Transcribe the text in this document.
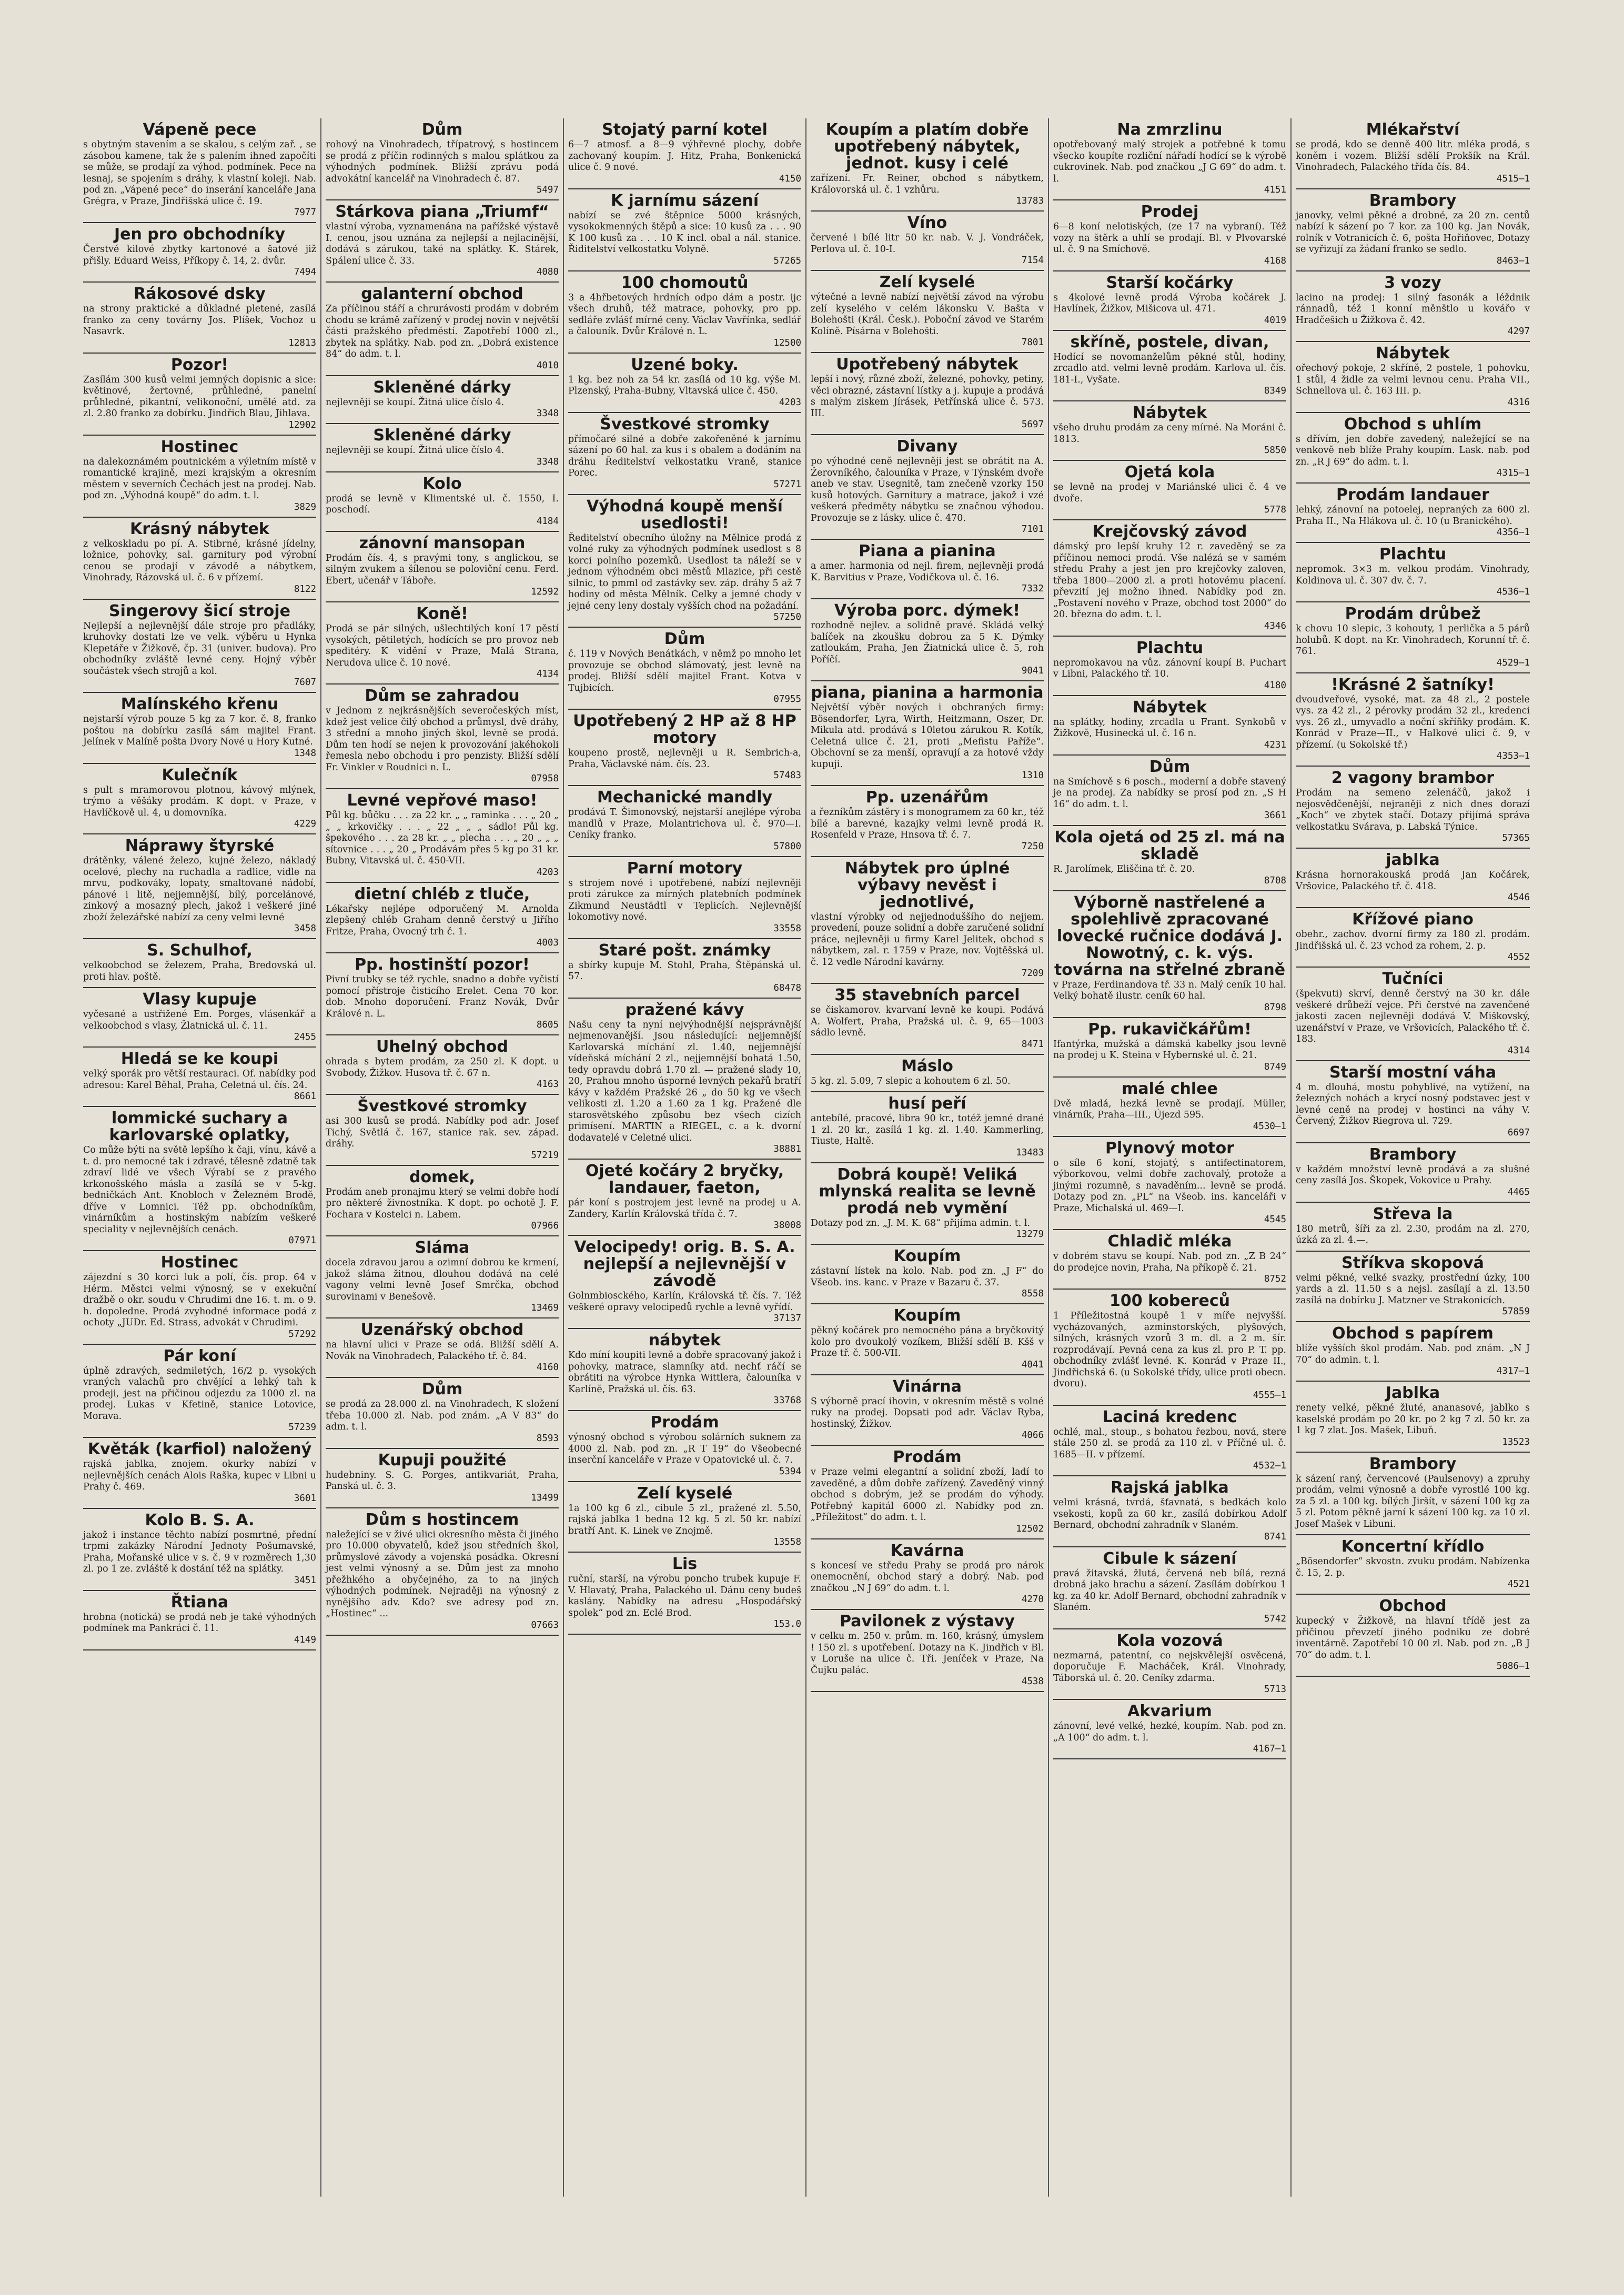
Vápeně pece

s obytným stavením a se skalou, s celým zař. , se zásobou kamene, tak že s palením ihned započíti se může, se prodají za výhod. podmínek. Pece na lesnaj, se spojením s dráhy, k vlastní koleji. Nab. pod zn. „Vápené pece“ do inserání kanceláře Jana Grégra, v Praze, Jindřišská ulice č. 19.

7977
Jen pro obchodníky

Čerstvé kilové zbytky kartonové a šatové již přišly. Eduard Weiss, Příkopy č. 14, 2. dvůr.

7494
Rákosové dsky

na strony praktické a důkladné pletené, zasílá franko za ceny továrny Jos. Plíšek, Vochoz u Nasavrk.

12813
Pozor!

Zasílám 300 kusů velmi jemných dopisnic a sice: květinové, žertovné, průhledné, panelní průhledné, pikantní, velikonoční, umělé atd. za zl. 2.80 franko za dobírku. Jindřich Blau, Jihlava.

12902
Hostinec

na dalekoznámém poutnickém a výletním místě v romantické krajině, mezi krajským a okresním městem v severních Čechách jest na prodej. Nab. pod zn. „Výhodná koupě“ do adm. t. l.

3829
Krásný nábytek

z velkoskladu po pí. A. Stibrné, krásné jídelny, ložnice, pohovky, sal. garnitury pod výrobní cenou se prodají v závodě a nábytkem, Vinohrady, Rázovská ul. č. 6 v přízemí.

8122
Singerovy šicí stroje

Nejlepší a nejlevnější dále stroje pro přadláky, kruhovky dostati lze ve velk. výběru u Hynka Klepetáře v Žižkově, čp. 31 (univer. budova). Pro obchodníky zvláště levné ceny. Hojný výběr součástek všech strojů a kol.

7607
Malínského křenu

nejstarší výrob pouze 5 kg za 7 kor. č. 8, franko poštou na dobírku zasílá sám majitel Frant. Jelínek v Malíně pošta Dvory Nové u Hory Kutné.

1348
Kulečník

s pult s mramorovou plotnou, kávový mlýnek, trýmo a věšáky prodám. K dopt. v Praze, v Havlíčkově ul. 4, u domovníka.

4229
Náprawy štyrské

drátěnky, válené železo, kujné železo, nákladý ocelové, plechy na ruchadla a radlice, vidle na mrvu, podkováky, lopaty, smaltované nádobí, pánové i litě, nejjemnější, bílý, porcelánové, zinkový a mosazný plech, jakož i veškeré jiné zboží železářské nabízí za ceny velmi levné

3458
S. Schulhof,

velkoobchod se železem, Praha, Bredovská ul. proti hlav. poště.

Vlasy kupuje

vyčesané a ustřižené Em. Porges, vlásenkář a velkoobchod s vlasy, Žlatnická ul. č. 11.

2455
Hledá se ke koupi

velký sporák pro větší restauraci. Of. nabídky pod adresou: Karel Běhal, Praha, Celetná ul. čís. 24.

8661
lommické suchary a karlovarské oplatky,

Co může býti na světě lepšího k čaji, vínu, kávě a t. d. pro nemocné tak i zdravé, tělesně zdatně tak zdraví lidé ve všech Výrabí se z pravého krkonošského másla a zasílá se v 5-kg. bedničkách Ant. Knobloch v Železném Brodě, dříve v Lomnici. Též pp. obchodníkům, vinárníkům a hostinským nabízím veškeré speciality v nejlevnějších cenách.

07971
Hostinec

zájezdní s 30 korci luk a polí, čís. prop. 64 v Hérm. Městci velmi výnosný, se v exekuční dražbě o okr. soudu v Chrudimi dne 16. t. m. o 9. h. dopoledne. Prodá zvyhodné informace podá z ochoty „JUDr. Ed. Strass, advokát v Chrudimi.

57292
Pár koní

úplně zdravých, sedmiletých, 16/2 p. vysokých vraných valachů pro chvějící a lehký tah k prodeji, jest na přičinou odjezdu za 1000 zl. na prodej. Lukas v Kfetině, stanice Lotovice, Morava.

57239
Květák (karfiol) naložený

rajská jablka, znojem. okurky nabízí v nejlevnějších cenách Alois Raška, kupec v Libni u Prahy č. 469.

3601
Kolo B. S. A.

jakož i instance těchto nabízí posmrtné, přední trpmi zakázky Národní Jednoty Pošumavské, Praha, Mořanské ulice v s. č. 9 v rozměrech 1,30 zl. po 1 ze. zvláště k dostání též na splátky.

3451
Řtiana

hrobna (notická) se prodá neb je také výhodných podmínek ma Pankráci č. 11.

4149
Dům

rohový na Vinohradech, třípatrový, s hostincem se prodá z příčin rodinných s malou splátkou za výhodných podmínek. Bližší zprávu podá advokátní kancelář na Vinohradech č. 87.

5497
Stárkova piana „Triumf“

vlastní výroba, vyznamenána na pařížské výstavě I. cenou, jsou uznána za nejlepší a nejlacinější, dodává s zárukou, také na splátky. K. Stárek, Spálení ulice č. 33.

4080
galanterní obchod

Za příčinou stáří a chrurávosti prodám v dobrém chodu se krámě zařízený v prodej novin v největší části pražského předměstí. Zapotřebí 1000 zl., zbytek na splátky. Nab. pod zn. „Dobrá existence 84“ do adm. t. l.

4010
Skleněné dárky

nejlevněji se koupí. Žitná ulice číslo 4.

3348
Skleněné dárky

nejlevněji se koupí. Žitná ulice číslo 4.

3348
Kolo

prodá se levně v Klimentské ul. č. 1550, I. poschodí.

4184
zánovní mansopan

Prodám čís. 4, s pravými tony, s anglickou, se silným zvukem a šílenou se poloviční cenu. Ferd. Ebert, učenář v Táboře.

12592
Koně!

Prodá se pár silných, ušlechtilých koní 17 pěstí vysokých, pětiletých, hodících se pro provoz neb speditéry. K vidění v Praze, Malá Strana, Nerudova ulice č. 10 nové.

4134
Dům se zahradou

v Jednom z nejkrásnějších severočeských míst, kdež jest velice čilý obchod a průmysl, dvě dráhy, 3 střední a mnoho jiných škol, levně se prodá. Dům ten hodí se nejen k provozování jakéhokoli řemesla nebo obchodu i pro penzisty. Bližší sdělí Fr. Vinkler v Roudnici n. L.

07958
Levné vepřové maso!

Půl kg. bůčku . . . za 22 kr. „ „ raminka . . . „ 20 „ „ „ krkovičky . . . „ 22 „ „ „ sádlo! Půl kg. špekového . . . za 28 kr. „ „ plecha . . . „ 20 „ „ „ sítovnice . . . „ 20 „ Prodávám přes 5 kg po 31 kr. Bubny, Vitavská ul. č. 450-VII.

4203
dietní chléb z tluče,

Lékařsky nejlépe odporučený M. Arnolda zlepšený chléb Graham denně čerstvý u Jiřího Fritze, Praha, Ovocný trh č. 1.

4003
Pp. hostinští pozor!

Pivní trubky se též rychle, snadno a dobře vyčistí pomocí přístroje čisticího Erelet. Cena 70 kor. dob. Mnoho doporučení. Franz Novák, Dvůr Králové n. L.

8605
Uhelný obchod

ohrada s bytem prodám, za 250 zl. K dopt. u Svobody, Žižkov. Husova tř. č. 67 n.

4163
Švestkové stromky

asi 300 kusů se prodá. Nabídky pod adr. Josef Tichý, Světlá č. 167, stanice rak. sev. západ. dráhy.

57219
domek,

Prodám aneb pronajmu který se velmi dobře hodí pro některé živnostníka. K dopt. po ochotě J. F. Fochara v Kostelci n. Labem.

07966
Sláma

docela zdravou jarou a ozimní dobrou ke krmení, jakož sláma žitnou, dlouhou dodává na celé vagony velmi levně Josef Smrčka, obchod surovinami v Benešově.

13469
Uzenářský obchod

na hlavní ulici v Praze se odá. Bližší sdělí A. Novák na Vinohradech, Palackého tř. č. 84.

4160
Dům

se prodá za 28.000 zl. na Vinohradech, K složení třeba 10.000 zl. Nab. pod znám. „A V 83“ do adm. t. l.

8593
Kupuji použité

hudebniny. S. G. Porges, antikvariát, Praha, Panská ul. č. 3.

13499
Dům s hostincem

naležející se v živé ulici okresního města či jiného pro 10.000 obyvatelů, kdež jsou středních škol, průmyslové závody a vojenská posádka. Okresní jest velmi výnosný a se. Dům jest za mnoho přežhkého a obyčejného, za to na jiných výhodných podmínek. Nejraději na výnosný z nynějšího adv. Kdo? sve adresy pod zn. „Hostinec“ ...

07663
Stojatý parní kotel

6—7 atmosf. a 8—9 výhřevné plochy, dobře zachovaný koupím. J. Hitz, Praha, Bonkenická ulice č. 9 nové.

4150
K jarnímu sázení

nabízí se zvé štěpnice 5000 krásných, vysokokmenných štěpů a sice: 10 kusů za . . . 90 K 100 kusů za . . . 10 K incl. obal a nál. stanice. Řiditelství velkostatku Volyně.

57265
100 chomoutů

3 a 4hřbetových hrdních odpo dám a postr. ijc všech druhů, též matrace, pohovky, pro pp. sedláře zvlášť mírné ceny. Václav Vavřínka, sedlář a čalouník. Dvůr Králové n. L.

12500
Uzené boky.

1 kg. bez noh za 54 kr. zasílá od 10 kg. výše M. Plzenský, Praha-Bubny, Vltavská ulice č. 450.

4203
Švestkové stromky

přímočaré silné a dobře zakořeněné k jarnímu sázení po 60 hal. za kus i s obalem a dodáním na dráhu Ředitelství velkostatku Vraně, stanice Porec.

57271
Výhodná koupě menší usedlosti!

Ředitelství obecního úložny na Mělnice prodá z volné ruky za výhodných podmínek usedlost s 8 korci polního pozemků. Usedlost ta náleží se v jednom výhodném obci městů Mlazice, při cestě silnic, to pmml od zastávky sev. záp. dráhy 5 až 7 hodiny od města Mělník. Celky a jemné chody v jejné ceny leny dostaly vyšších chod na požadání.

57250
Dům

č. 119 v Nových Benátkách, v němž po mnoho let provozuje se obchod slámovatý, jest levně na prodej. Bližší sdělí majitel Frant. Kotva v Tujbicích.

07955
Upotřebený 2 HP až 8 HP motory

koupeno prostě, nejlevněji u R. Sembrich-a, Praha, Václavské nám. čís. 23.

57483
Mechanické mandly

prodává T. Šimonovský, nejstarší anejlépe výroba mandlů v Praze, Molantrichova ul. č. 970—I. Ceníky franko.

57800
Parní motory

s strojem nové i upotřebené, nabízí nejlevněji proti zárukce za mírných platebních podmínek Zikmund Neustädtl v Teplicích. Nejlevnější lokomotivy nové.

33558
Staré pošt. známky

a sbírky kupuje M. Stohl, Praha, Štěpánská ul. 57.

68478
pražené kávy

Našu ceny ta nyní nejvýhodnější nejsprávnější nejmenovanější. Jsou následující: nejjemnější Karlovarská míchání zl. 1.40, nejjemnější vídeňská míchání 2 zl., nejjemnější bohatá 1.50, tedy opravdu dobrá 1.70 zl. — pražené slady 10, 20, Prahou mnoho úsporné levných pekařů bratří kávy v každém Pražské 26 „ do 50 kg ve všech velikosti zl. 1.20 a 1.60 za 1 kg. Pražené dle starosvětského způsobu bez všech cizích primísení. MARTIN a RIEGEL, c. a k. dvorní dodavatelé v Celetné ulici.

38881
Ojeté kočáry 2 bryčky, landauer, faeton,

pár koní s postrojem jest levně na prodej u A. Zandery, Karlín Královská třída č. 7.

38008
Velocipedy! orig. B. S. A. nejlepší a nejlevnější v závodě

Golnmbiosckého, Karlín, Královská tř. čís. 7. Též veškeré opravy velocipedů rychle a levně vyřídí.

37137
nábytek

Kdo míní koupiti levně a dobře spracovaný jakož i pohovky, matrace, slamníky atd. nechť ráčí se obrátiti na výrobce Hynka Wittlera, čalouníka v Karlíně, Pražská ul. čís. 63.

33768
Prodám

výnosný obchod s výrobou solárních suknem za 4000 zl. Nab. pod zn. „R T 19“ do Všeobecné inserční kanceláře v Praze v Opatovické ul. č. 7.

5394
Zelí kyselé

1a 100 kg 6 zl., cibule 5 zl., pražené zl. 5.50, rajská jablka 1 bedna 12 kg. 5 zl. 50 kr. nabízí bratří Ant. K. Linek ve Znojmě.

13558
Lis

ruční, starší, na výrobu poncho trubek kupuje F. V. Hlavatý, Praha, Palackého ul. Dánu ceny budeš kaslány. Nabídky na adresu „Hospodářský spolek“ pod zn. Eclé Brod.

153.0
Koupím a platím dobře upotřebený nábytek, jednot. kusy i celé

zařízení. Fr. Reiner, obchod s nábytkem, Královorská ul. č. 1 vzhůru.

13783
Víno

červené i bílé litr 50 kr. nab. V. J. Vondráček, Perlova ul. č. 10-I.

7154
Zelí kyselé

výtečné a levně nabízí největší závod na výrobu zelí kyselého v celém lákonsku V. Bašta v Bolehošti (Král. Česk.). Poboční závod ve Starém Kolíně. Písárna v Bolehošti.

7801
Upotřebený nábytek

lepší i nový, různé zboží, železné, pohovky, petiny, věci obrazné, zástavní lístky a j. kupuje a prodává s malým ziskem Jírásek, Petřínská ulice č. 573. III.

5697
Divany

po výhodné ceně nejlevněji jest se obrátit na A. Žerovníkého, čalouníka v Praze, v Týnském dvoře aneb ve stav. Úsegnitě, tam znečeně vzorky 150 kusů hotových. Garnitury a matrace, jakož i vzé veškerá předměty nábytku se značnou výhodou. Provozuje se z lásky. ulice č. 470.

7101
Piana a pianina

a amer. harmonia od nejl. firem, nejlevněji prodá K. Barvitius v Praze, Vodičkova ul. č. 16.

7332
Výroba porc. dýmek!

rozhodně nejlev. a solidně pravé. Skládá velký balíček na zkoušku dobrou za 5 K. Dýmky zatloukám, Praha, Jen Žiatnická ulice č. 5, roh Poříčí.

9041
piana, pianina a harmonia

Největší výběr nových i obchraných firmy: Bösendorfer, Lyra, Wirth, Heitzmann, Oszer, Dr. Mikula atd. prodává s 10letou zárukou R. Kotík, Celetná ulice č. 21, proti „Mefistu Paříže“. Obchovní se za menší, opravují a za hotové vždy kupuji.

1310
Pp. uzenářům

a řezníkům zástěry i s monogramem za 60 kr., též bílé a barevné, kazajky velmi levně prodá R. Rosenfeld v Praze, Hnsova tř. č. 7.

7250
Nábytek pro úplné výbavy nevěst i jednotlivé,

vlastní výrobky od nejjednoduššího do nejjem. provedení, pouze solidní a dobře zaručené solidní práce, nejlevněji u firmy Karel Jelitek, obchod s nábytkem, zal. r. 1759 v Praze, nov. Vojtěšská ul. č. 12 vedle Národní kavárny.

7209
35 stavebních parcel

se čiskamorov. kvarvaní levně ke koupi. Podává A. Wolfert, Praha, Pražská ul. č. 9, 65—1003 sádlo levně.

8471
Máslo

5 kg. zl. 5.09, 7 slepic a kohoutem 6 zl. 50.

husí peří

antebílé, pracové, libra 90 kr., totéž jemné drané 1 zl. 20 kr., zasílá 1 kg. zl. 1.40. Kammerling, Tiuste, Haltě.

13483
Dobrá koupě! Veliká mlynská realita se levně prodá neb vymění

Dotazy pod zn. „J. M. K. 68“ přijíma admin. t. l.

13279
Koupím

zástavní lístek na kolo. Nab. pod zn. „J F“ do Všeob. ins. kanc. v Praze v Bazaru č. 37.

8558
Koupím

pěkný kočárek pro nemocného pána a bryčkovitý kolo pro dvoukolý vozíkem, Bližší sdělí B. Kšš v Praze tř. č. 500-VII.

4041
Vinárna

S výborně prací ihovin, v okresním městě s volné ruky na prodej. Dopsati pod adr. Václav Ryba, hostinský, Žižkov.

4066
Prodám

v Praze velmi elegantní a solidní zboží, ladí to zaveděné, a dům dobře zařízený. Zaveděný vinný obchod s dobrým, jež se prodám do výhody. Potřebný kapitál 6000 zl. Nabídky pod zn. „Příležitost“ do adm. t. l.

12502
Kavárna

s koncesí ve středu Prahy se prodá pro nárok onemocnění, obchod starý a dobrý. Nab. pod značkou „N J 69“ do adm. t. l.

4270
Pavilonek z výstavy

v celku m. 250 v. prům. m. 160, krásný, úmyslem ! 150 zl. s upotřebení. Dotazy na K. Jindřich v Bl. v Loruše na ulice č. Tři. Jeníček v Praze, Na Čujku palác.

4538
Na zmrzlinu

opotřebovaný malý strojek a potřebné k tomu všecko koupíte rozliční nářadí hodící se k výrobě cukrovinek. Nab. pod značkou „J G 69“ do adm. t. l.

4151
Prodej

6—8 koní nelotiských, (ze 17 na vybraní). Též vozy na štěrk a uhlí se prodají. Bl. v Plvovarské ul. č. 9 na Smíchově.

4168
Starší kočárky

s 4kolové levně prodá Výroba kočárek J. Havlínek, Žižkov, Mišicova ul. 471.

4019
skříně, postele, divan,

Hodící se novomanželům pěkné stůl, hodiny, zrcadlo atd. velmi levně prodám. Karlova ul. čís. 181-I., Vyšate.

8349
Nábytek

všeho druhu prodám za ceny mírné. Na Moráni č. 1813.

5850
Ojetá kola

se levně na prodej v Mariánské ulici č. 4 ve dvoře.

5778
Krejčovský závod

dámský pro lepší kruhy 12 r. zaveděný se za příčinou nemoci prodá. Vše nalézá se v samém středu Prahy a jest jen pro krejčovky zaloven, třeba 1800—2000 zl. a proti hotovému placení. převzití jej možno ihned. Nabídky pod zn. „Postavení nového v Praze, obchod tost 2000“ do 20. března do adm. t. l.

4346
Plachtu

nepromokavou na vůz. zánovní koupí B. Puchart v Libni, Palackého tř. 10.

4180
Nábytek

na splátky, hodiny, zrcadla u Frant. Synkobů v Žižkově, Husinecká ul. č. 16 n.

4231
Dům

na Smíchově s 6 posch., moderní a dobře stavený je na prodej. Za nabídky se prosí pod zn. „S H 16“ do adm. t. l.

3661
Kola ojetá od 25 zl. má na skladě

R. Jarolímek, Eliščina tř. č. 20.

8708
Výborně nastřelené a spolehlivě zpracované lovecké ručnice dodává J. Nowotný, c. k. výs. továrna na střelné zbraně

v Praze, Ferdinandova tř. 33 n. Malý ceník 10 hal. Velký bohatě ilustr. ceník 60 hal.

8798
Pp. rukavičkářům!

Ifantýrka, mužská a dámská kabelky jsou levně na prodej u K. Steina v Hybernské ul. č. 21.

8749
malé chlee

Dvě mladá, hezká levně se prodají. Müller, vinárník, Praha—III., Újezd 595.

4530—1
Plynový motor

o síle 6 koní, stojatý, s antifectinatorem, výborkovou, velmi dobře zachovalý, protože a jinými rozumně, s navaděním... levně se prodá. Dotazy pod zn. „PL“ na Všeob. ins. kanceláři v Praze, Michalská ul. 469—I.

4545
Chladič mléka

v dobrém stavu se koupí. Nab. pod zn. „Z B 24“ do prodejce novin, Praha, Na příkopě č. 21.

8752
100 kobereců

1 Příležitostná koupě 1 v míře nejvyšší. vycházovaných, azminstorských, plyšových, silných, krásných vzorů 3 m. dl. a 2 m. šír. rozprodávají. Pevná cena za kus zl. pro P. T. pp. obchodníky zvlášť levné. K. Konrád v Praze II., Jindřichská 6. (u Sokolské třídy, ulice proti obecn. dvoru).

4555—1
Laciná kredenc

ochlé, mal., stoup., s bohatou řezbou, nová, stere stále 250 zl. se prodá za 110 zl. v Příčné ul. č. 1685—II. v přízemí.

4532—1
Rajská jablka

velmi krásná, tvrdá, šťavnatá, s bedkách kolo vsekosti, kopů za 60 kr., zasílá dobírkou Adolf Bernard, obchodní zahradník v Slaném.

8741
Cibule k sázení

pravá žitavská, žlutá, červená neb bílá, rezná drobná jako hrachu a sázení. Zasílám dobírkou 1 kg. za 40 kr. Adolf Bernard, obchodní zahradník v Slaném.

5742
Kola vozová

nezmarná, patentní, co nejskvělejší osvěcená, doporučuje F. Macháček, Král. Vinohrady, Táborská ul. č. 20. Ceníky zdarma.

5713
Akvarium

zánovní, levé velké, hezké, koupím. Nab. pod zn. „A 100“ do adm. t. l.

4167—1
Mlékařství

se prodá, kdo se denně 400 litr. mléka prodá, s koněm i vozem. Bližší sdělí Prokšík na Král. Vinohradech, Palackého třída čís. 84.

4515—1
Brambory

janovky, velmi pěkné a drobné, za 20 zn. centů nabízí k sázení po 7 kor. za 100 kg. Jan Novák, rolník v Votranicích č. 6, pošta Hořiňovec, Dotazy se vyřizují za žádaní franko se sedlo.

8463—1
3 vozy

lacino na prodej: 1 silný fasonák a léždnik ránnadů, též 1 konní měnštlo u kovářo v Hradčešich u Žižkova č. 42.

4297
Nábytek

ořechový pokoje, 2 skříně, 2 postele, 1 pohovku, 1 stůl, 4 židle za velmi levnou cenu. Praha VII., Schnellova ul. č. 163 III. p.

4316
Obchod s uhlím

s dřívím, jen dobře zavedený, naležející se na venkově neb blíže Prahy koupím. Lask. nab. pod zn. „R J 69“ do adm. t. l.

4315—1
Prodám landauer

lehký, zánovní na potoelej, nepraných za 600 zl. Praha II., Na Hlákova ul. č. 10 (u Branického).

4356—1
Plachtu

nepromok. 3×3 m. velkou prodám. Vinohrady, Koldinova ul. č. 307 dv. č. 7.

4536—1
Prodám drůbež

k chovu 10 slepic, 3 kohouty, 1 perlička a 5 párů holubů. K dopt. na Kr. Vinohradech, Korunní tř. č. 761.

4529—1
!Krásné 2 šatníky!

dvoudveřové, vysoké, mat. za 48 zl., 2 postele vys. za 42 zl., 2 pérovky prodám 32 zl., kredenci vys. 26 zl., umyvadlo a noční skříňky prodám. K. Konrád v Praze—II., v Halkové ulici č. 9, v přízemí. (u Sokolské tř.)

4353—1
2 vagony brambor

Prodám na semeno zelenáčů, jakož i nejosvědčenější, nejraněji z nich dnes dorazí „Koch“ ve zbytek stačí. Dotazy přijímá správa velkostatku Svárava, p. Labská Týnice.

57365
jablka

Krásna hornorakouská prodá Jan Kočárek, Vršovice, Palackého tř. č. 418.

4546
Křížové piano

obehr., zachov. dvorní firmy za 180 zl. prodám. Jindřišská ul. č. 23 vchod za rohem, 2. p.

4552
Tučníci

(špekvuti) skrví, denně čerstvý na 30 kr. dále veškeré drůbeží vejce. Při čerstvé na zavenčené jakosti zacen nejlevněji dodává V. Miškovský, uzenářství v Praze, ve Vršovicích, Palackého tř. č. 183.

4314
Starší mostní váha

4 m. dlouhá, mostu pohyblivé, na vytížení, na železných nohách a krycí nosný podstavec jest v levné ceně na prodej v hostinci na váhy V. Červený, Žižkov Riegrova ul. 729.

6697
Brambory

v každém množství levně prodává a za slušné ceny zasílá Jos. Škopek, Vokovice u Prahy.

4465
Střeva la

180 metrů, šíři za zl. 2.30, prodám na zl. 270, úzká za zl. 4.—.

Stříkva skopová

velmi pěkné, velké svazky, prostřední úzky, 100 yards a zl. 11.50 s a nejsl. zasílají a zl. 13.50 zasílá na dobírku J. Matzner ve Strakonicích.

57859
Obchod s papírem

blíže vyšších škol prodám. Nab. pod znám. „N J 70“ do admin. t. l.

4317—1
Jablka

renety velké, pěkné žluté, ananasové, jablko s kaselské prodám po 20 kr. po 2 kg 7 zl. 50 kr. za 1 kg 7 zlat. Jos. Mašek, Libuň.

13523
Brambory

k sázení raný, červencové (Paulsenovy) a zpruhy prodám, velmi výnosně a dobře vyrostlé 100 kg. za 5 zl. a 100 kg. bílých Jiršít, v sázení 100 kg za 5 zl. Potom pěkně jarní k sázení 100 kg. za 10 zl. Josef Mašek v Libuni.

Koncertní křídlo

„Bösendorfer“ skvostn. zvuku prodám. Nabízenka č. 15, 2. p.

4521
Obchod

kupecký v Žižkově, na hlavní třídě jest za přičinou převzetí jiného podniku ze dobré inventárně. Zapotřebí 10 00 zl. Nab. pod zn. „B J 70“ do adm. t. l.

5086—1
